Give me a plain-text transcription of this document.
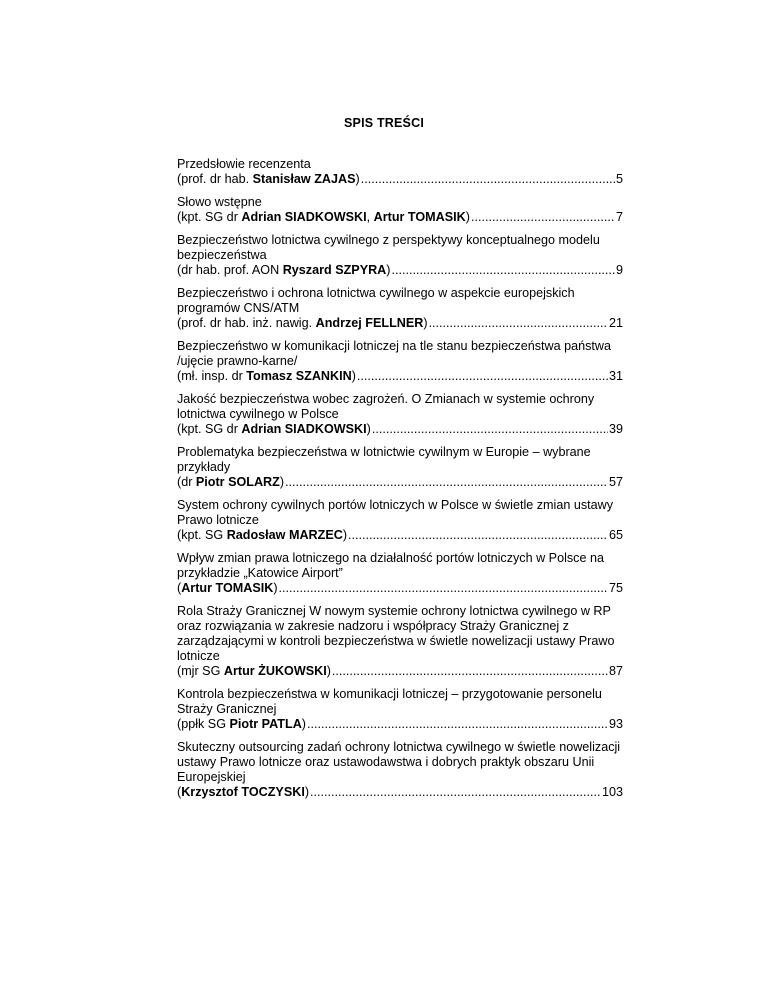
SPIS TREŚCI
Przedsłowie recenzenta
(prof. dr hab. Stanisław ZAJAS) .....	5
Słowo wstępne
(kpt. SG dr Adrian SIADKOWSKI, Artur TOMASIK) .....	7
Bezpieczeństwo lotnictwa cywilnego z perspektywy konceptualnego modelu bezpieczeństwa
(dr hab. prof. AON Ryszard SZPYRA) .....	9
Bezpieczeństwo i ochrona lotnictwa cywilnego w aspekcie europejskich programów CNS/ATM
(prof. dr hab. inż. nawig. Andrzej FELLNER) .....	21
Bezpieczeństwo w komunikacji lotniczej na tle stanu bezpieczeństwa państwa /ujęcie prawno-karne/
(mł. insp. dr Tomasz SZANKIN) .....	31
Jakość bezpieczeństwa wobec zagrożeń. O Zmianach w systemie ochrony lotnictwa cywilnego w Polsce
(kpt. SG dr Adrian SIADKOWSKI) .....	39
Problematyka bezpieczeństwa w lotnictwie cywilnym w Europie – wybrane przykłady
(dr Piotr SOLARZ) .....	57
System ochrony cywilnych portów lotniczych w Polsce w świetle zmian ustawy Prawo lotnicze
(kpt. SG Radosław MARZEC) .....	65
Wpływ zmian prawa lotniczego na działalność portów lotniczych w Polsce na przykładzie „Katowice Airport”
(Artur TOMASIK) .....	75
Rola Straży Granicznej W nowym systemie ochrony lotnictwa cywilnego w RP oraz rozwiązania w zakresie nadzoru i współpracy Straży Granicznej z zarządzającymi w kontroli bezpieczeństwa w świetle nowelizacji ustawy Prawo lotnicze
(mjr SG Artur ŻUKOWSKI) .....	87
Kontrola bezpieczeństwa w komunikacji lotniczej – przygotowanie personelu Straży Granicznej
(ppłk SG Piotr PATLA) .....	93
Skuteczny outsourcing zadań ochrony lotnictwa cywilnego w świetle nowelizacji ustawy Prawo lotnicze oraz ustawodawstwa i dobrych praktyk obszaru Unii Europejskiej
(Krzysztof TOCZYSKI) .....	103
